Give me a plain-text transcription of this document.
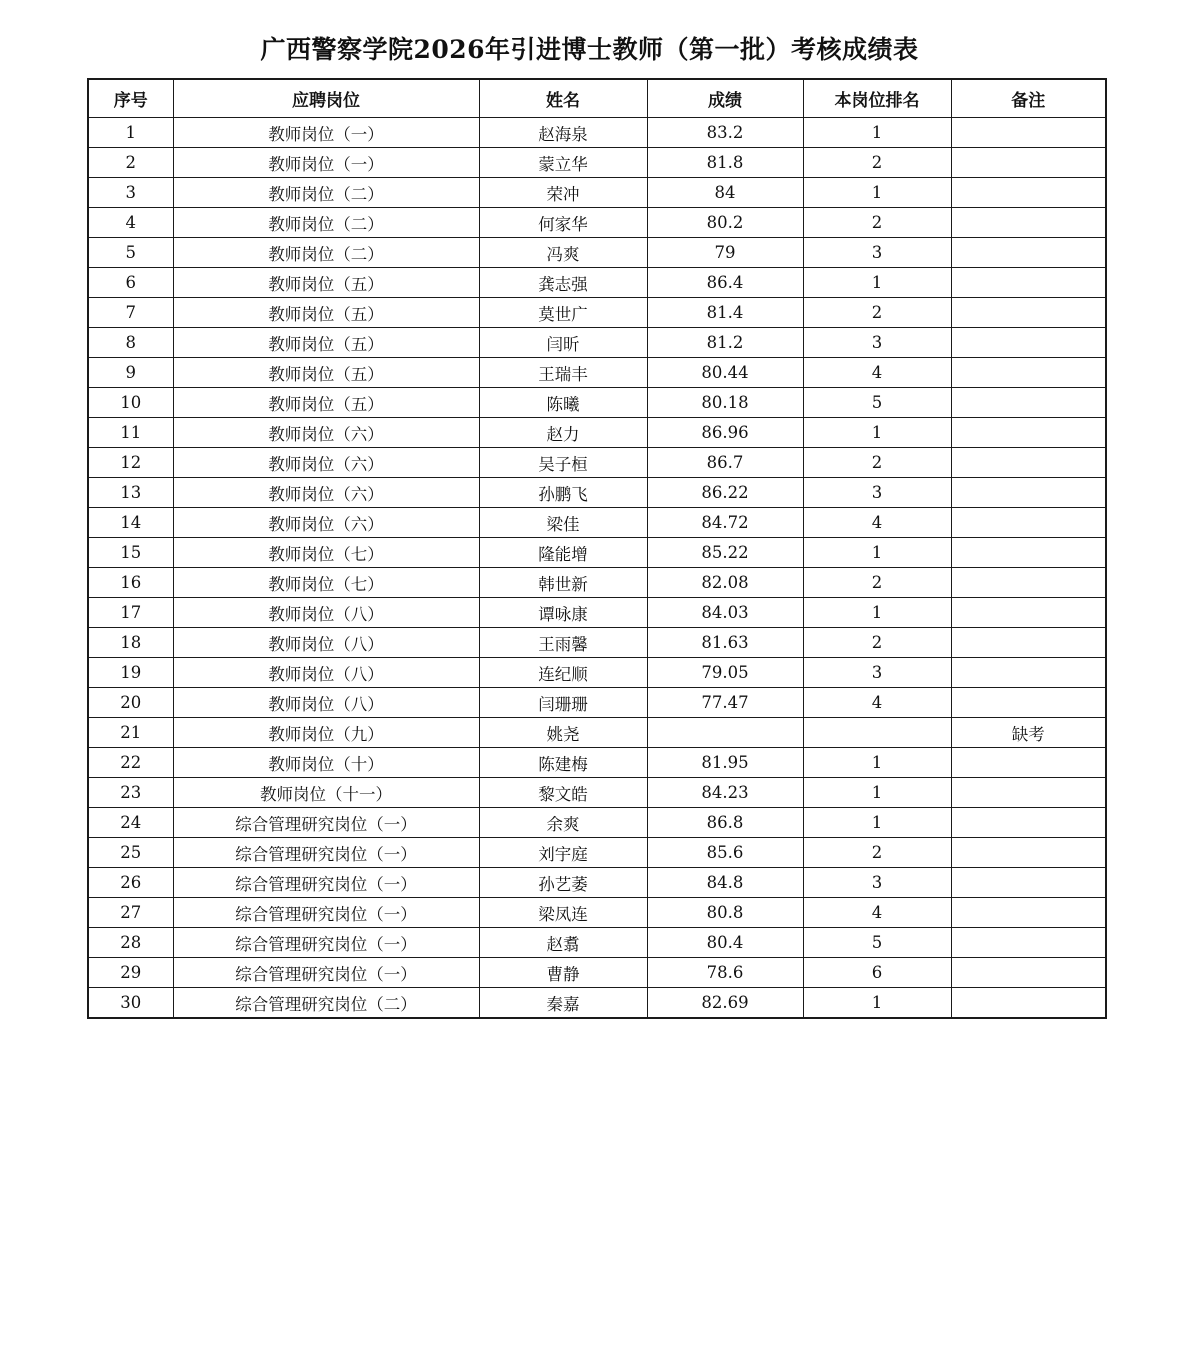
广西警察学院2026年引进博士教师（第一批）考核成绩表
序号	应聘岗位	姓名	成绩	本岗位排名	备注
1	教师岗位（一）	赵海泉	83.2	1	
2	教师岗位（一）	蒙立华	81.8	2	
3	教师岗位（二）	荣冲	84	1	
4	教师岗位（二）	何家华	80.2	2	
5	教师岗位（二）	冯爽	79	3	
6	教师岗位（五）	龚志强	86.4	1	
7	教师岗位（五）	莫世广	81.4	2	
8	教师岗位（五）	闫昕	81.2	3	
9	教师岗位（五）	王瑞丰	80.44	4	
10	教师岗位（五）	陈曦	80.18	5	
11	教师岗位（六）	赵力	86.96	1	
12	教师岗位（六）	吴子桓	86.7	2	
13	教师岗位（六）	孙鹏飞	86.22	3	
14	教师岗位（六）	梁佳	84.72	4	
15	教师岗位（七）	隆能增	85.22	1	
16	教师岗位（七）	韩世新	82.08	2	
17	教师岗位（八）	谭咏康	84.03	1	
18	教师岗位（八）	王雨馨	81.63	2	
19	教师岗位（八）	连纪顺	79.05	3	
20	教师岗位（八）	闫珊珊	77.47	4	
21	教师岗位（九）	姚尧			缺考
22	教师岗位（十）	陈建梅	81.95	1	
23	教师岗位（十一）	黎文皓	84.23	1	
24	综合管理研究岗位（一）	余爽	86.8	1	
25	综合管理研究岗位（一）	刘宇庭	85.6	2	
26	综合管理研究岗位（一）	孙艺萎	84.8	3	
27	综合管理研究岗位（一）	梁凤连	80.8	4	
28	综合管理研究岗位（一）	赵翥	80.4	5	
29	综合管理研究岗位（一）	曹静	78.6	6	
30	综合管理研究岗位（二）	秦嘉	82.69	1	
